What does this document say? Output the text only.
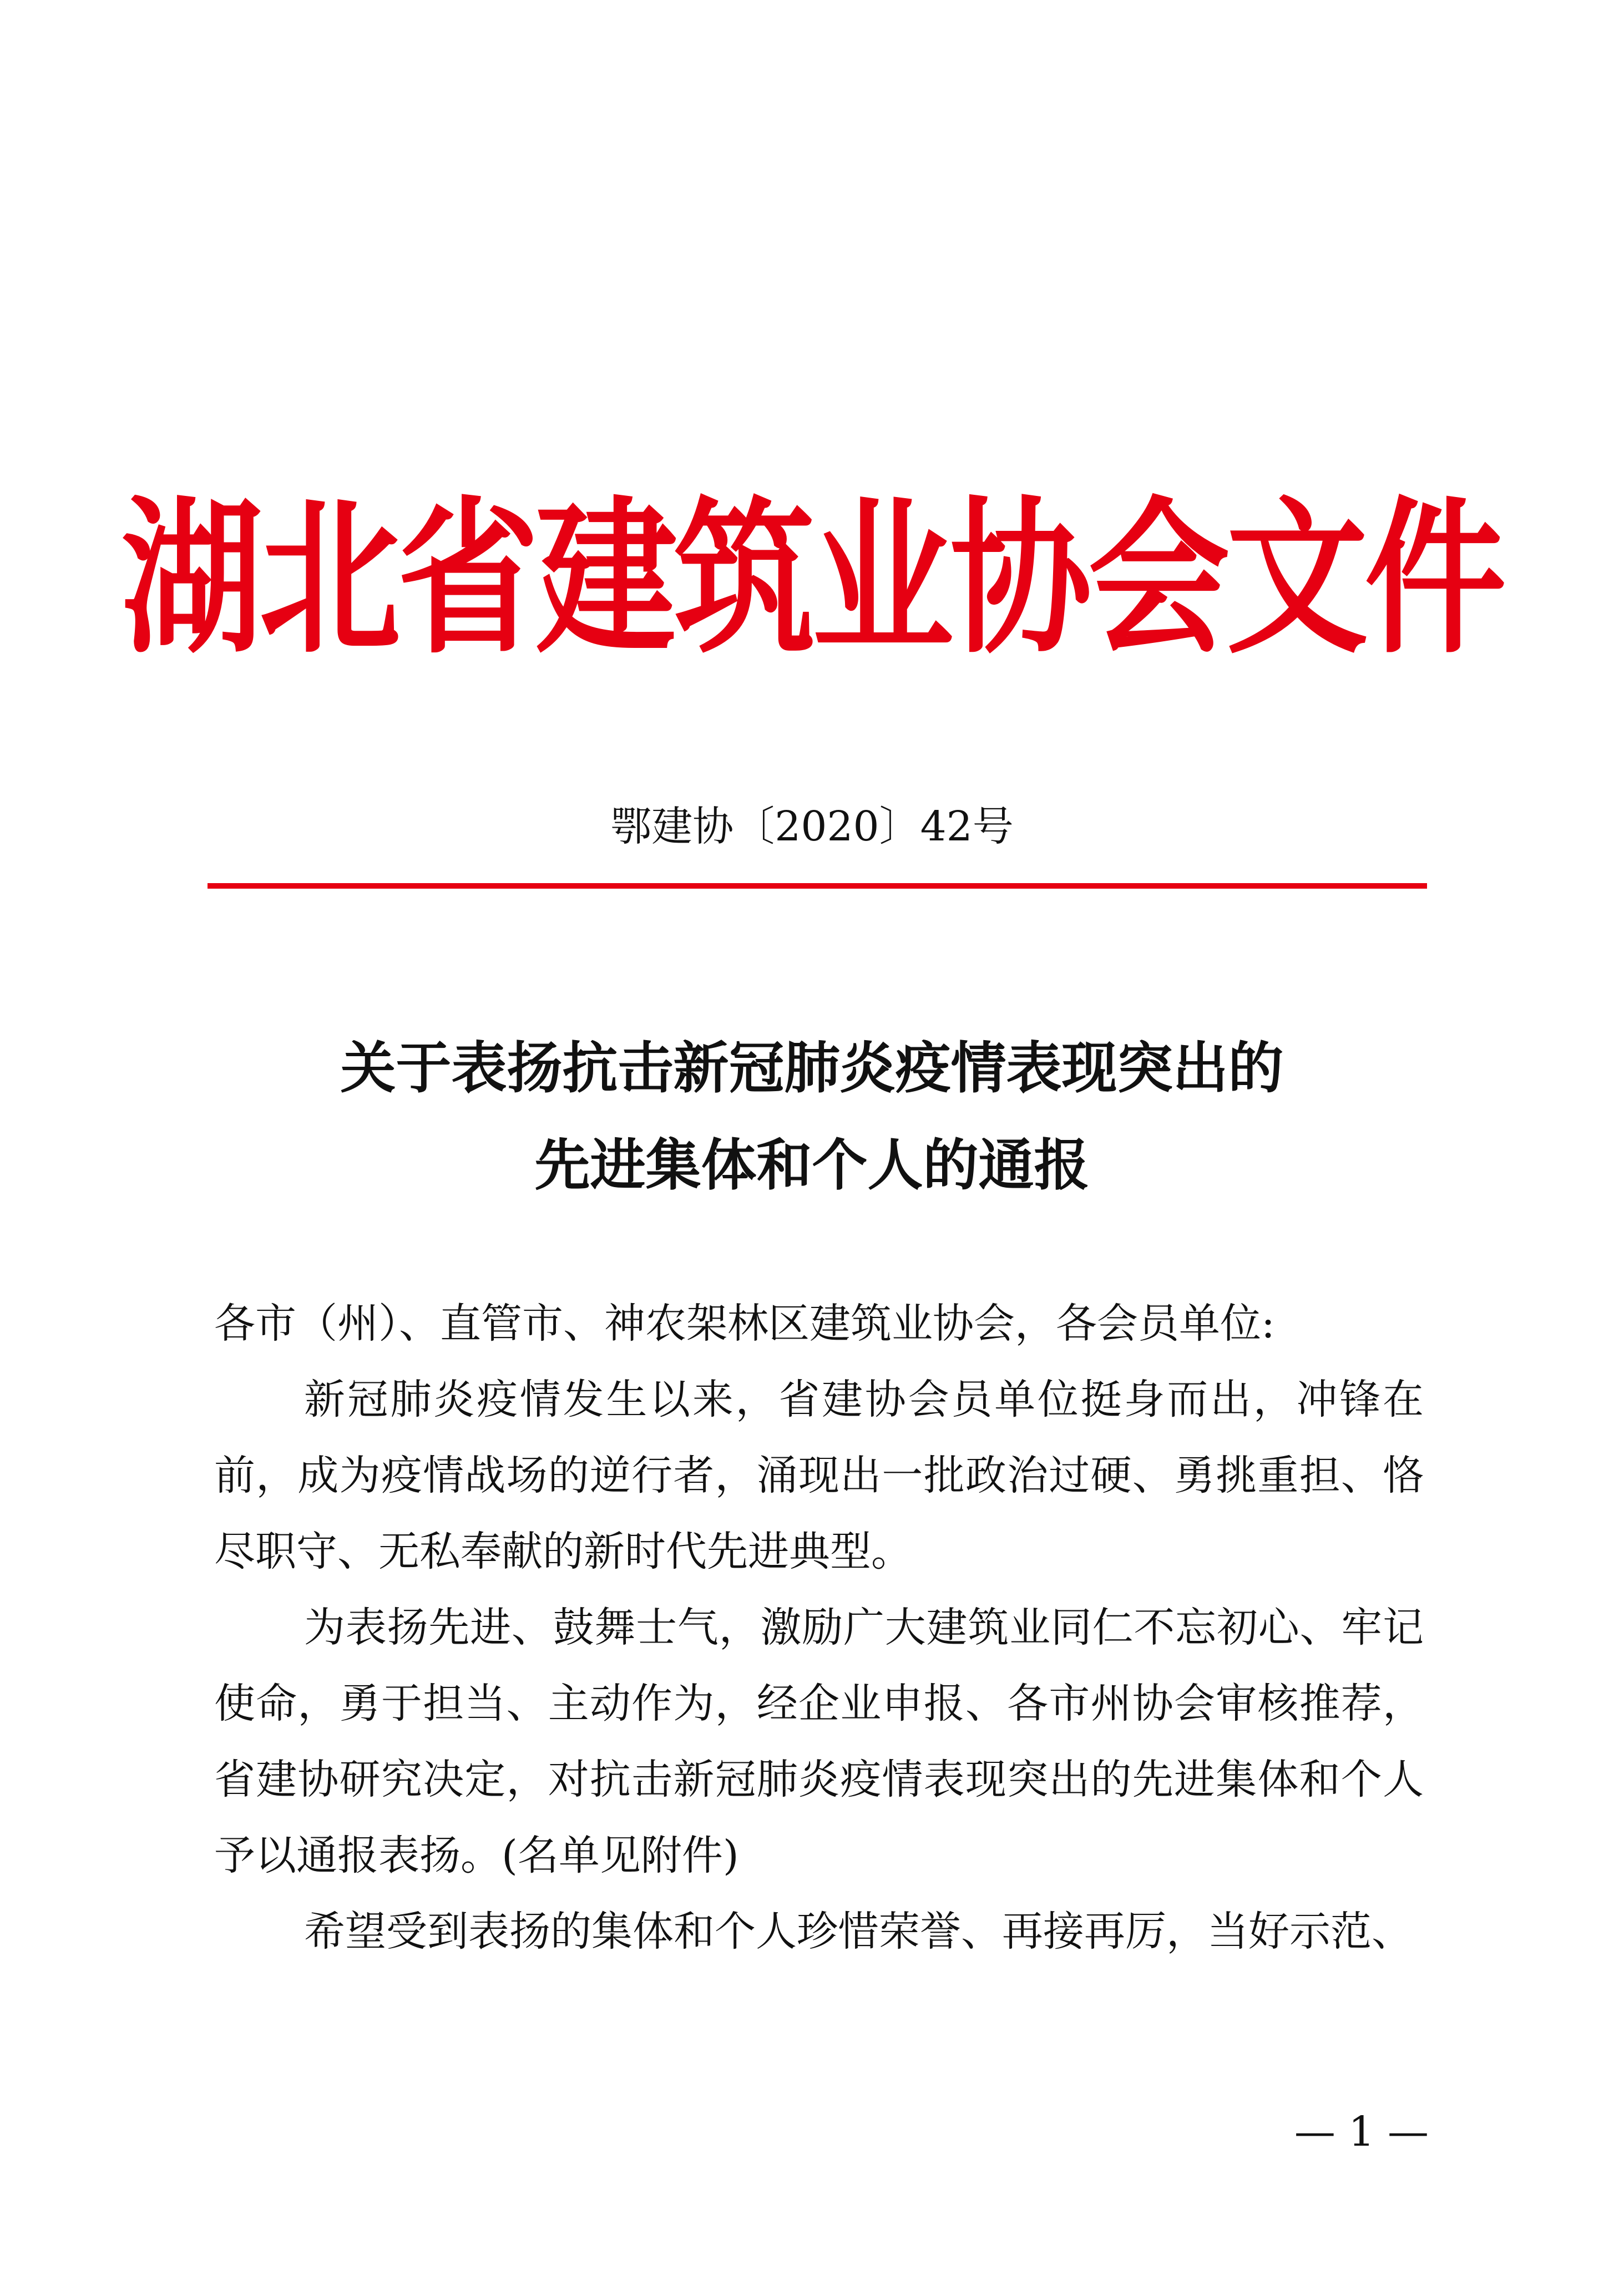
湖北省建筑业协会文件
鄂建协〔2020〕42号
关于表扬抗击新冠肺炎疫情表现突出的
先进集体和个人的通报

各市（州）、直管市、神农架林区建筑业协会，各会员单位:

新冠肺炎疫情发生以来，省建协会员单位挺身而出，冲锋在前，成为疫情战场的逆行者，涌现出一批政治过硬、勇挑重担、恪尽职守、无私奉献的新时代先进典型。

为表扬先进、鼓舞士气，激励广大建筑业同仁不忘初心、牢记使命，勇于担当、主动作为，经企业申报、各市州协会审核推荐，省建协研究决定，对抗击新冠肺炎疫情表现突出的先进集体和个人予以通报表扬。(名单见附件)

希望受到表扬的集体和个人珍惜荣誉、再接再厉，当好示范、

— 1 —
